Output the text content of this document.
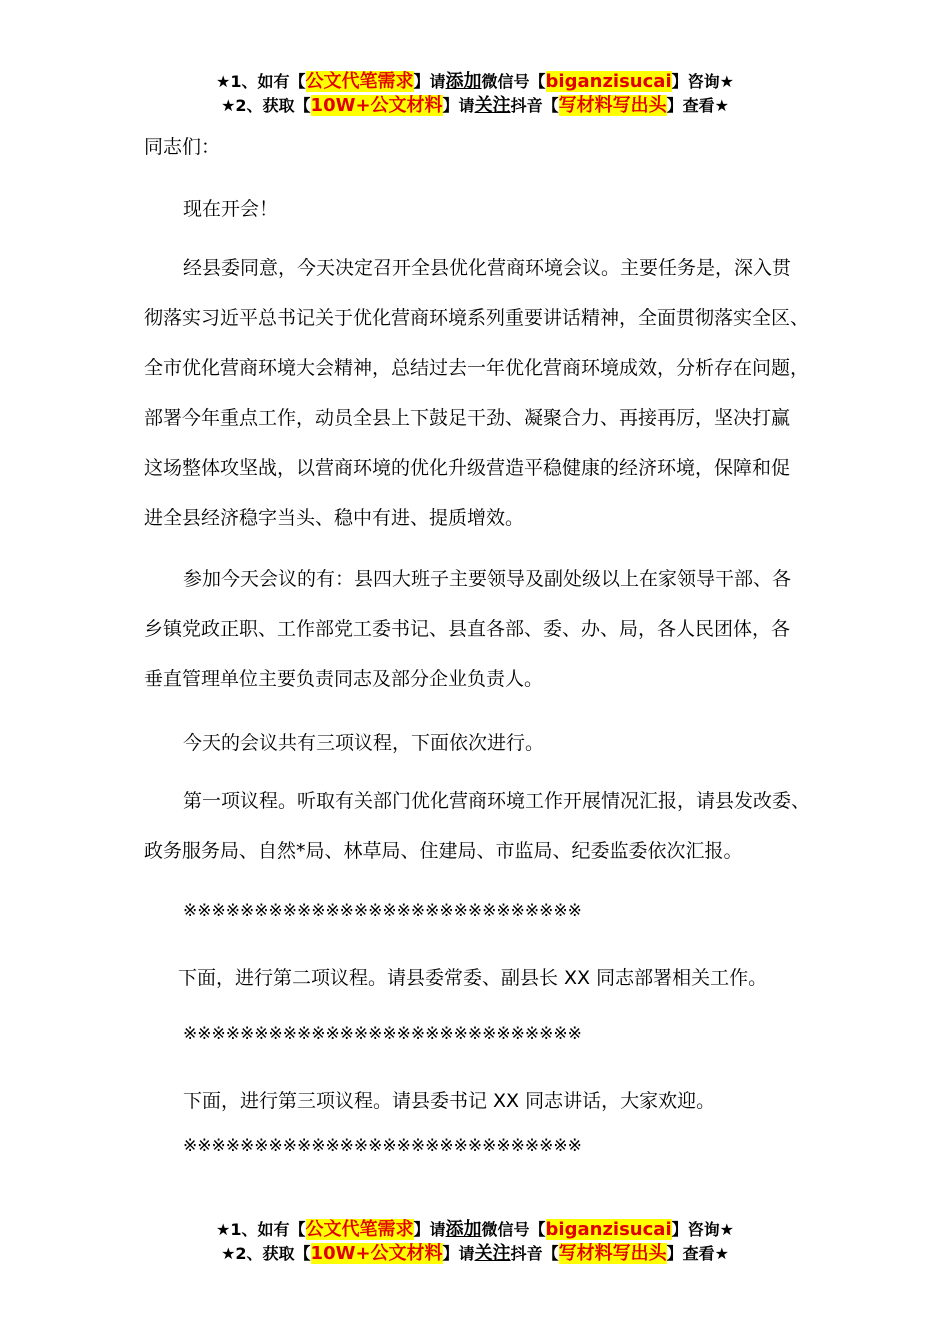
★1、如有【公文代笔需求】请添加微信号【biganzisucai】咨询★
★2、获取【10W+公文材料】请关注抖音【写材料写出头】查看★
同志们：
现在开会！
经县委同意，今天决定召开全县优化营商环境会议。主要任务是，深入贯
彻落实习近平总书记关于优化营商环境系列重要讲话精神，全面贯彻落实全区、
全市优化营商环境大会精神，总结过去一年优化营商环境成效，分析存在问题，
部署今年重点工作，动员全县上下鼓足干劲、凝聚合力、再接再厉，坚决打赢
这场整体攻坚战，以营商环境的优化升级营造平稳健康的经济环境，保障和促
进全县经济稳字当头、稳中有进、提质增效。
参加今天会议的有：县四大班子主要领导及副处级以上在家领导干部、各
乡镇党政正职、工作部党工委书记、县直各部、委、办、局，各人民团体，各
垂直管理单位主要负责同志及部分企业负责人。
今天的会议共有三项议程，下面依次进行。
第一项议程。听取有关部门优化营商环境工作开展情况汇报，请县发改委、
政务服务局、自然*局、林草局、住建局、市监局、纪委监委依次汇报。
※※※※※※※※※※※※※※※※※※※※※※※※※※※※
下面，进行第二项议程。请县委常委、副县长 XX 同志部署相关工作。
※※※※※※※※※※※※※※※※※※※※※※※※※※※※
下面，进行第三项议程。请县委书记 XX 同志讲话，大家欢迎。
※※※※※※※※※※※※※※※※※※※※※※※※※※※※
★1、如有【公文代笔需求】请添加微信号【biganzisucai】咨询★
★2、获取【10W+公文材料】请关注抖音【写材料写出头】查看★
